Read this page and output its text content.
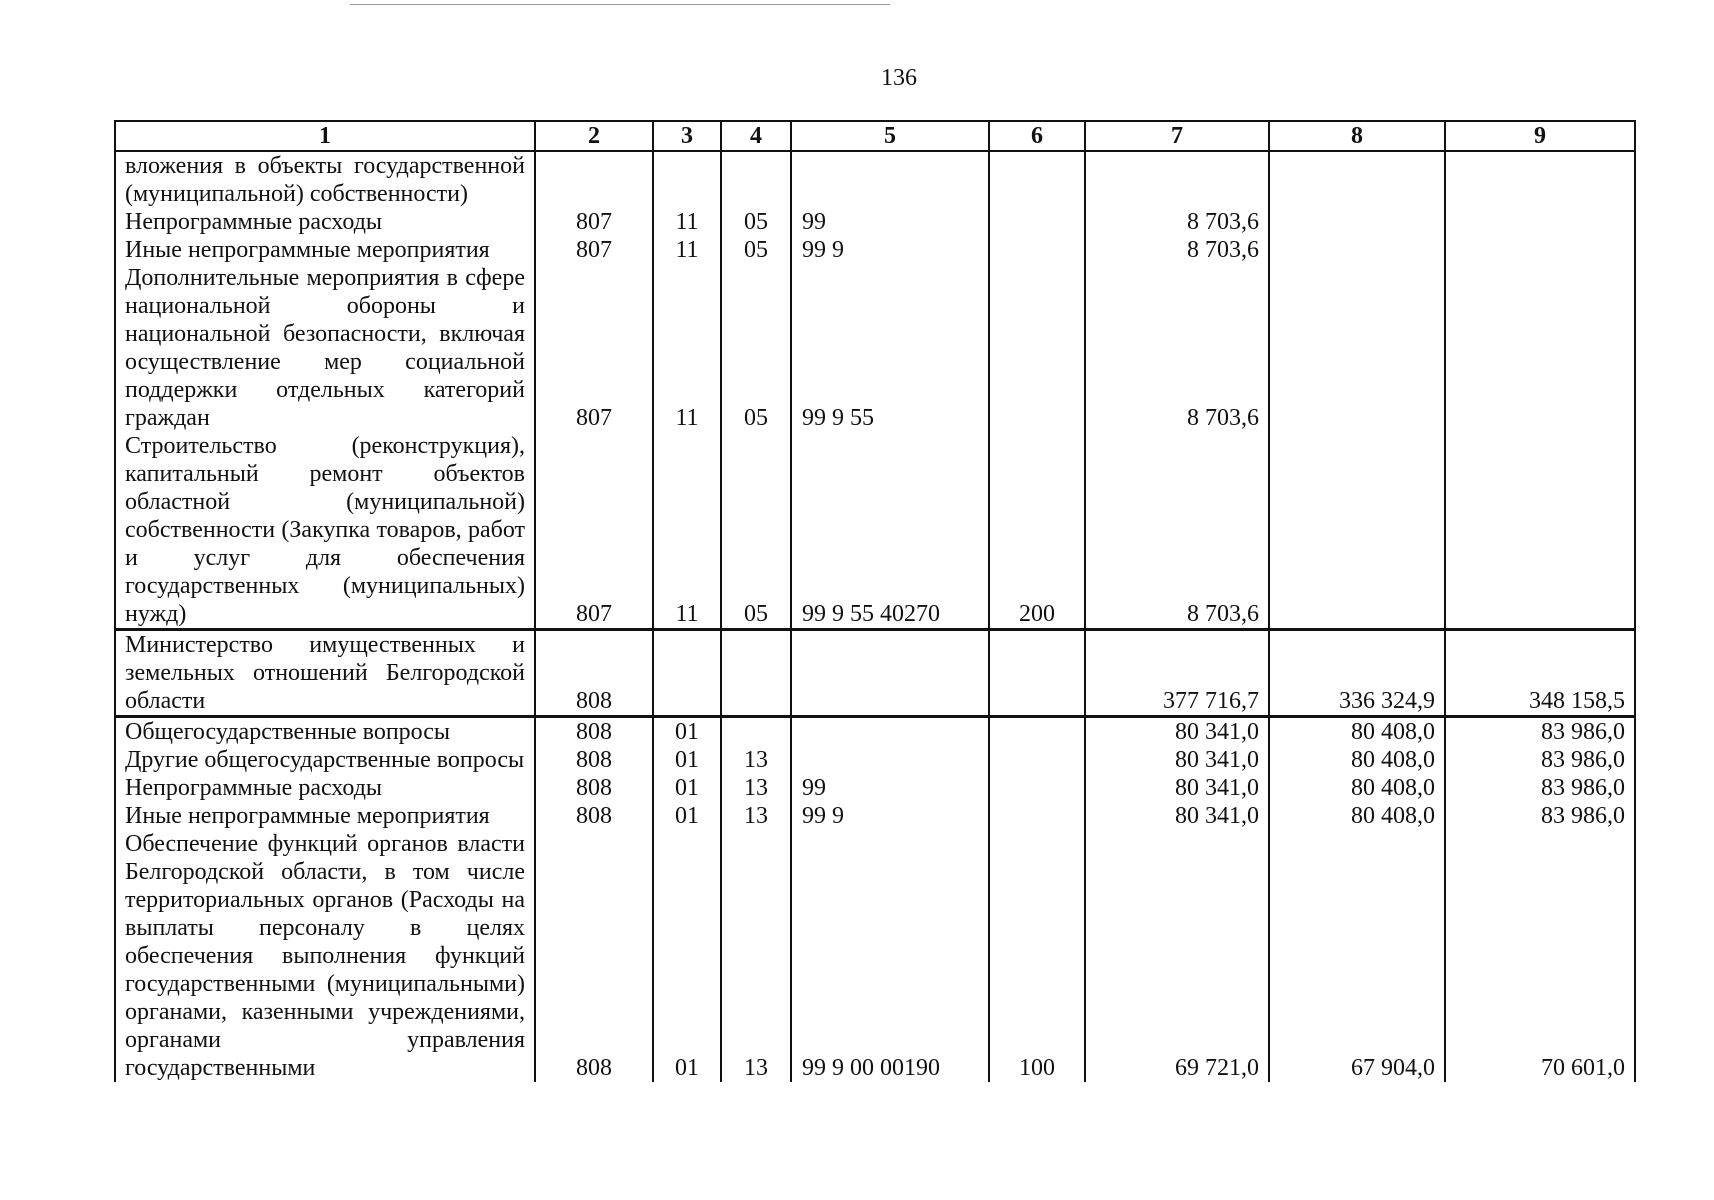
136
1	2	3	4	5	6	7	8	9
вложения в объекты государственной (муниципальной) собственности)								
Непрограммные расходы	807	11	05	99		8 703,6		
Иные непрограммные мероприятия	807	11	05	99 9		8 703,6		
Дополнительные мероприятия в сфере национальной обороны и национальной безопасности, включая осуществление мер социальной поддержки отдельных категорий граждан	807	11	05	99 9 55		8 703,6		
Строительство (реконструкция), капитальный ремонт объектов областной (муниципальной) собственности (Закупка товаров, работ и услуг для обеспечения государственных (муниципальных) нужд)	807	11	05	99 9 55 40270	200	8 703,6		
Министерство имущественных и земельных отношений Белгородской области	808					377 716,7	336 324,9	348 158,5
Общегосударственные вопросы	808	01				80 341,0	80 408,0	83 986,0
Другие общегосударственные вопросы	808	01	13			80 341,0	80 408,0	83 986,0
Непрограммные расходы	808	01	13	99		80 341,0	80 408,0	83 986,0
Иные непрограммные мероприятия	808	01	13	99 9		80 341,0	80 408,0	83 986,0
Обеспечение функций органов власти Белгородской области, в том числе территориальных органов (Расходы на выплаты персоналу в целях обеспечения выполнения функций государственными (муниципальными) органами, казенными учреждениями, органами управления государственными	808	01	13	99 9 00 00190	100	69 721,0	67 904,0	70 601,0
